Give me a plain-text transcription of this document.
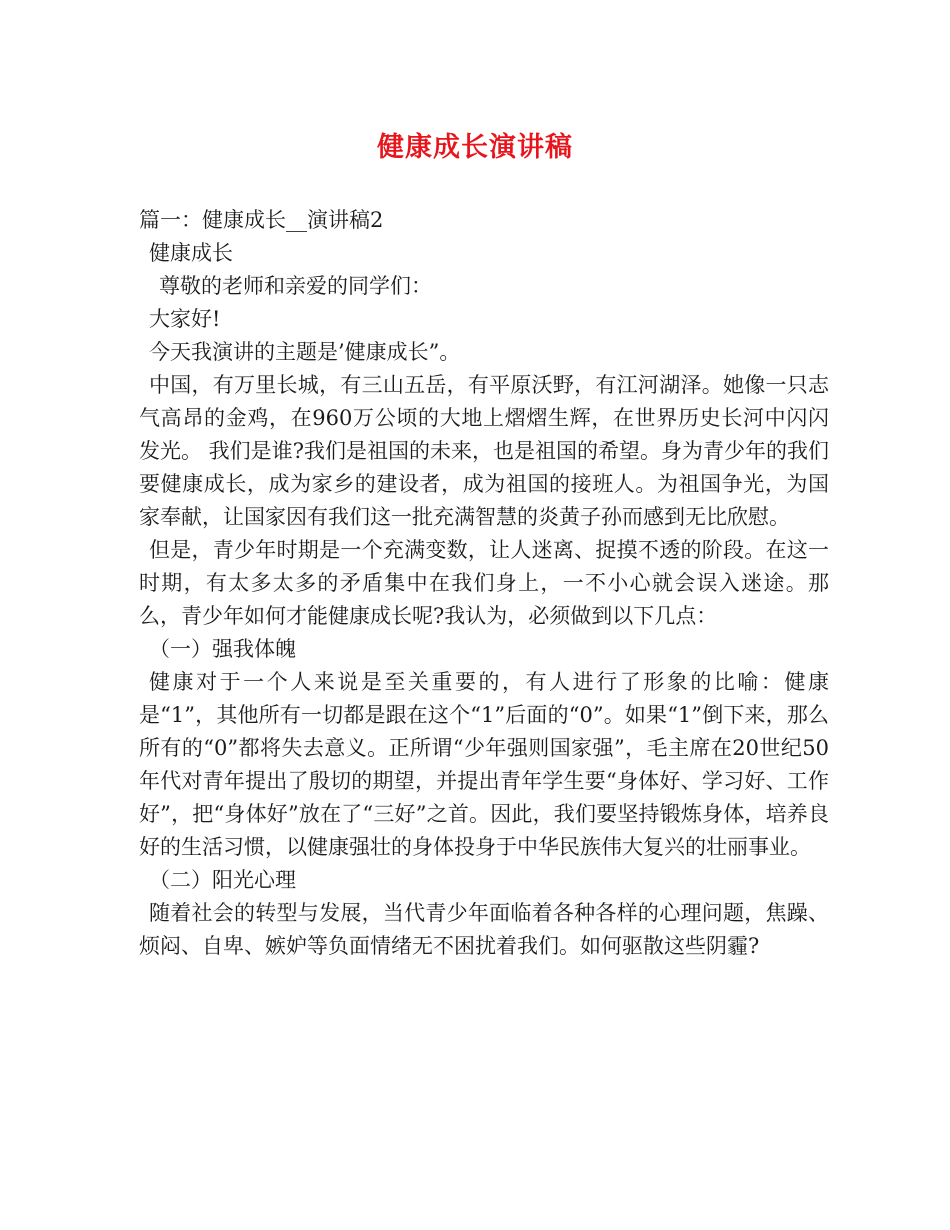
健康成长演讲稿

篇一：健康成长__演讲稿2

健康成长

尊敬的老师和亲爱的同学们：

大家好!

今天我演讲的主题是’健康成长”。

中国，有万里长城，有三山五岳，有平原沃野，有江河湖泽。她像一只志气高昂的金鸡，在960万公顷的大地上熠熠生辉，在世界历史长河中闪闪发光。 我们是谁?我们是祖国的未来，也是祖国的希望。身为青少年的我们要健康成长，成为家乡的建设者，成为祖国的接班人。为祖国争光，为国家奉献，让国家因有我们这一批充满智慧的炎黄子孙而感到无比欣慰。

但是，青少年时期是一个充满变数，让人迷离、捉摸不透的阶段。在这一时期，有太多太多的矛盾集中在我们身上，一不小心就会误入迷途。那么，青少年如何才能健康成长呢?我认为，必须做到以下几点：

（一）强我体魄

健康对于一个人来说是至关重要的，有人进行了形象的比喻：健康是“1”，其他所有一切都是跟在这个“1”后面的“0”。如果“1”倒下来，那么所有的“0”都将失去意义。正所谓“少年强则国家强”，毛主席在20世纪50年代对青年提出了殷切的期望，并提出青年学生要“身体好、学习好、工作好”，把“身体好”放在了“三好”之首。因此，我们要坚持锻炼身体，培养良好的生活习惯，以健康强壮的身体投身于中华民族伟大复兴的壮丽事业。

（二）阳光心理

随着社会的转型与发展，当代青少年面临着各种各样的心理问题，焦躁、烦闷、自卑、嫉妒等负面情绪无不困扰着我们。如何驱散这些阴霾?
